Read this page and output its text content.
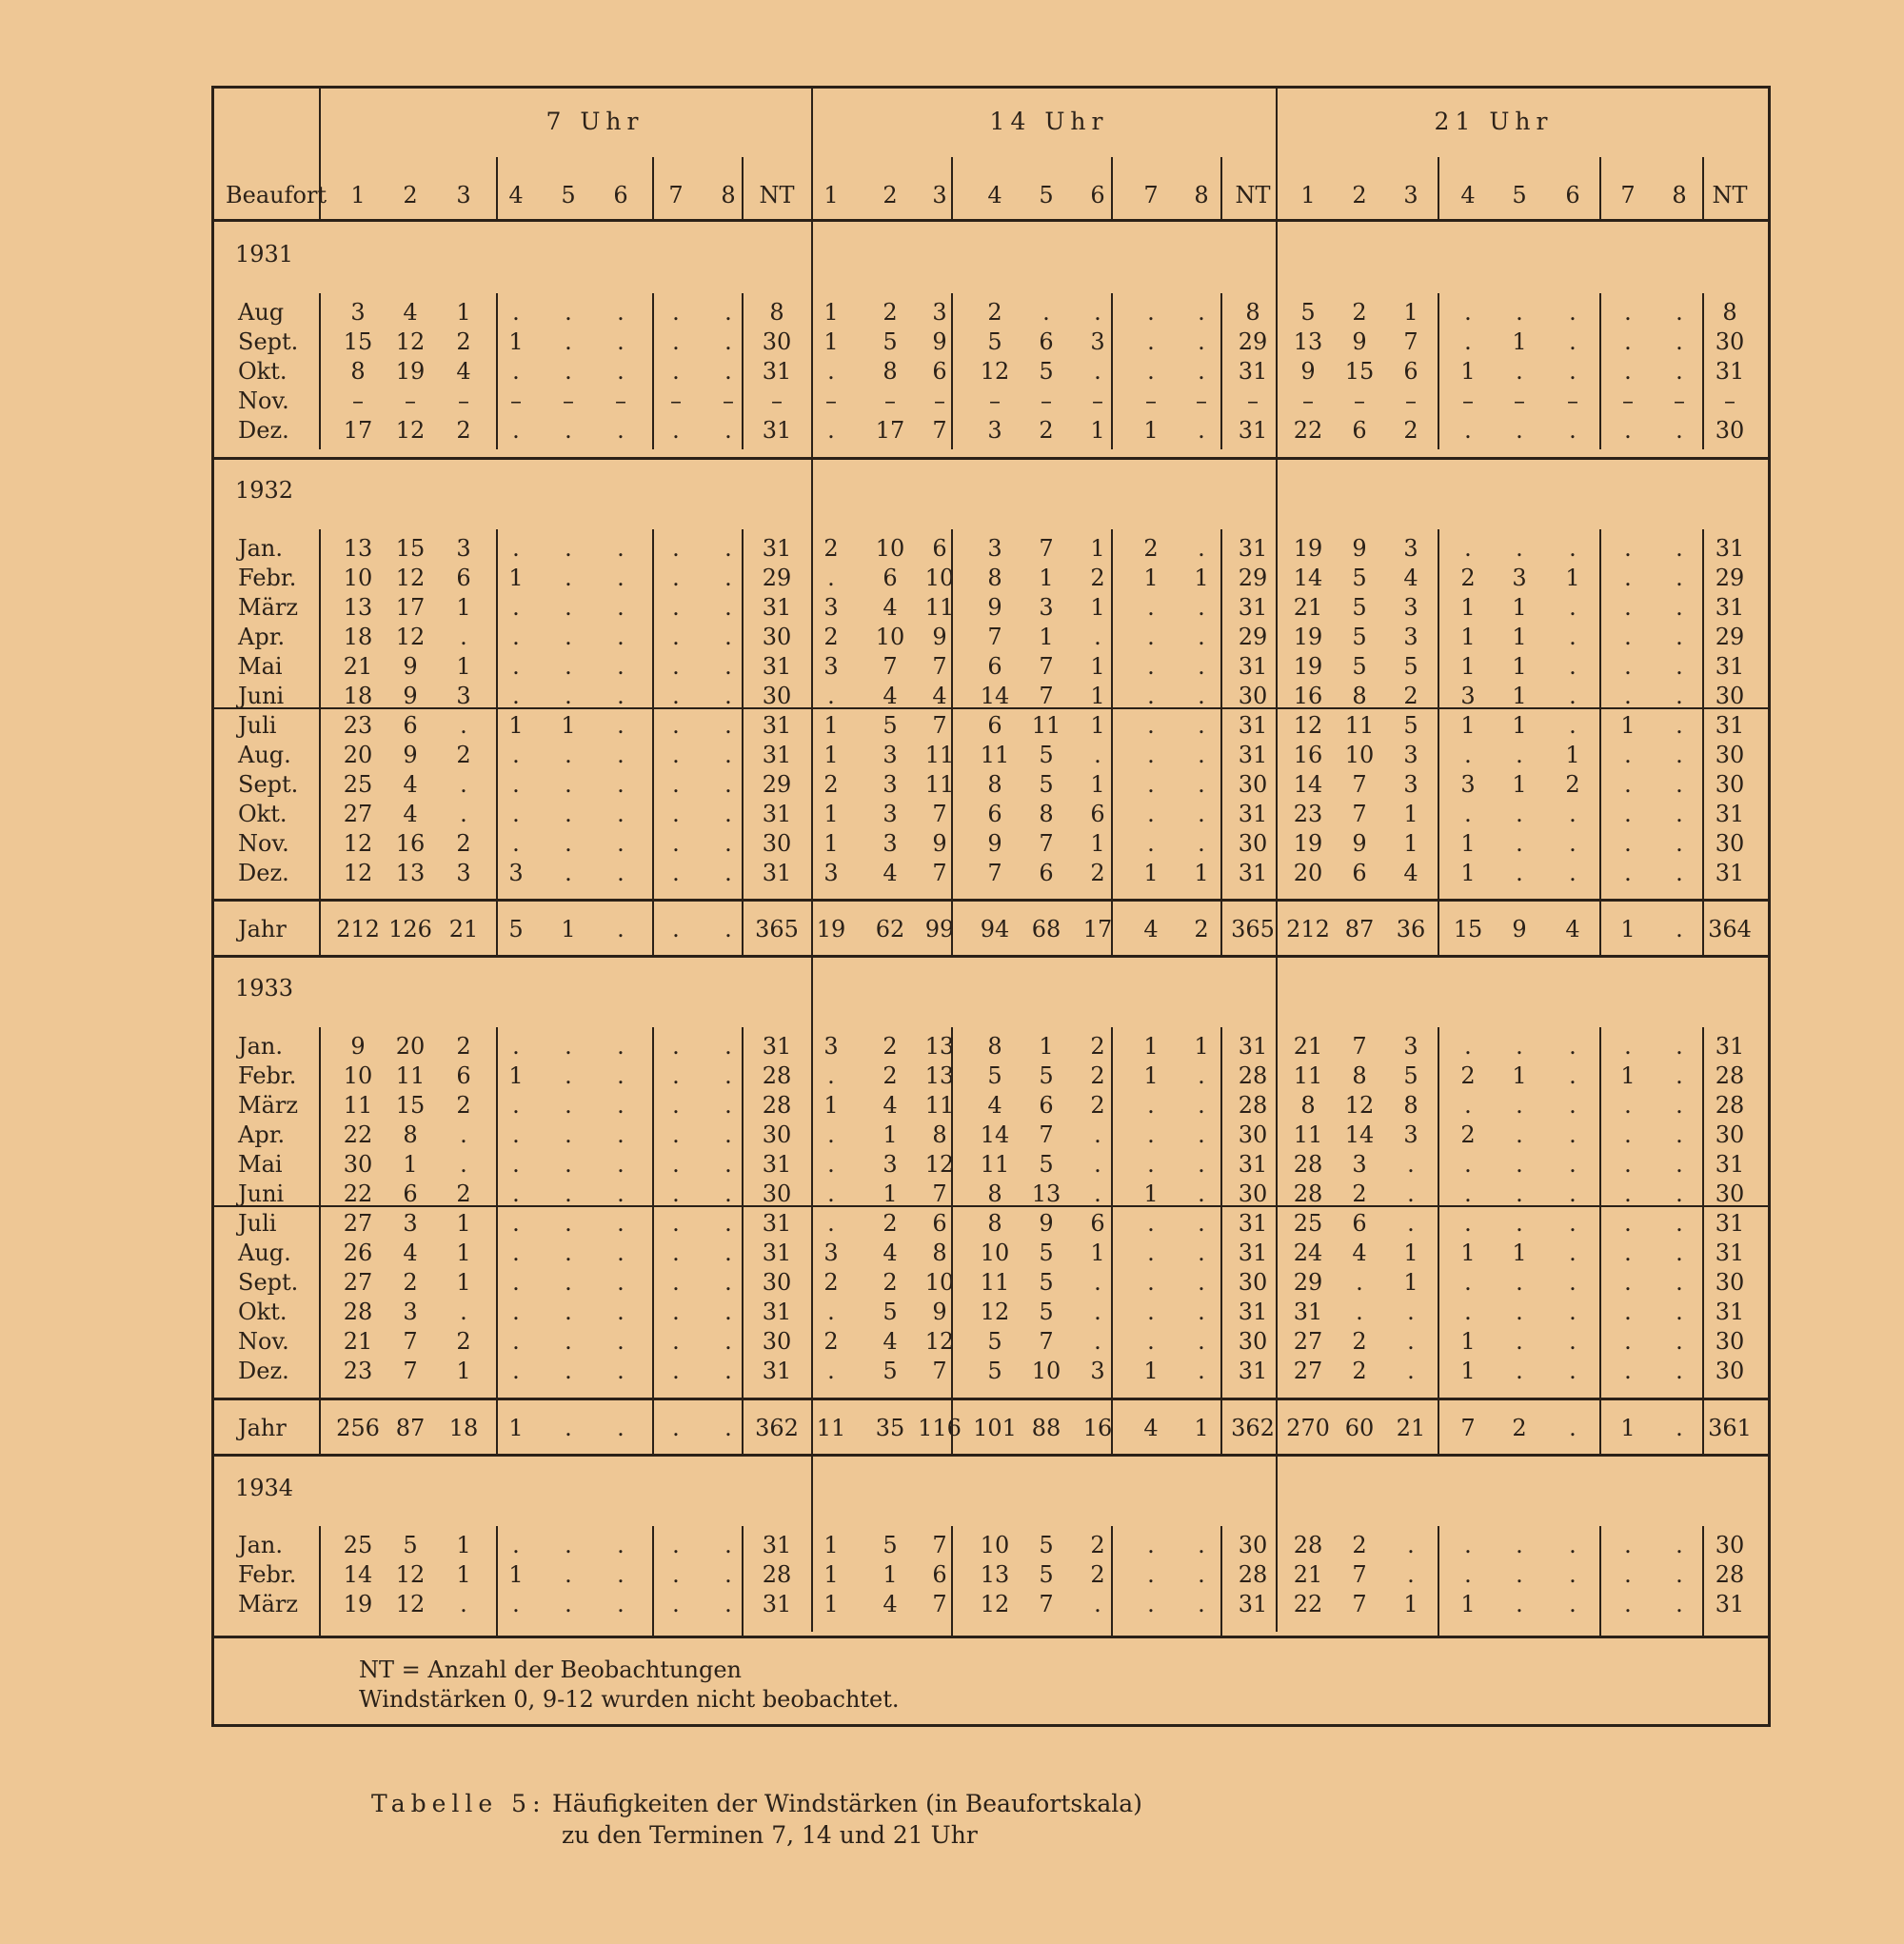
7 Uhr	14 Uhr	21 Uhr
Beaufort 1 2 3 4 5 6 7 8 NT 1 2 3 4 5 6 7 8 NT 1 2 3 4 5 6 7 8 NT
1931
Aug	3 4 1 . . . . . 8 1 2 3 2 . . . . 8 5 2 1 . . . . . 8
Sept. 15 12 2 1 . . . . 30 1 5 9 5 6 3 . . 29 13 9 7 . 1 . . . 30
Okt.	8 19 4 . . . . . 31 . 8 6 12 5 . . . 31 9 15 6 1 . . . . 31
Nov.	– – – – – – – – – – – – – – – – – – – – – – – – – – –
Dez. 17 12 2 . . . . . 31 . 17 7 3 2 1 1 . 31 22 6 2 . . . . . 30
1932
Jan.	13 15 3 . . . . . 31 2 10 6 3 7 1 2 . 31 19 9 3 . . . . . 31
Febr. 10 12 6 1 . . . . 29 . 6 10 8 1 2 1 1 29 14 5 4 2 3 1 . . 29
März 13 17 1 . . . . . 31 3 4 11 9 3 1 . . 31 21 5 3 1 1 . . . 31
Apr.	18 12 . . . . . . 30 2 10 9 7 1 . . . 29 19 5 3 1 1 . . . 29
Mai	21 9 1 . . . . . 31 3 7 7 6 7 1 . . 31 19 5 5 1 1 . . . 31
Juni	18 9 3 . . . . . 30 . 4 4 14 7 1 . . 30 16 8 2 3 1 . . . 30
Juli	23 6 . 1 1 . . . 31 1 5 7 6 11 1 . . 31 12 11 5 1 1 . 1 . 31
Aug. 20 9 2 . . . . . 31 1 3 11 11 5 . . . 31 16 10 3 . . 1 . . 30
Sept. 25 4 . . . . . . 29 2 3 11 8 5 1 . . 30 14 7 3 3 1 2 . . 30
Okt. 27 4 . . . . . . 31 1 3 7 6 8 6 . . 31 23 7 1 . . . . . 31
Nov. 12 16 2 . . . . . 30 1 3 9 9 7 1 . . 30 19 9 1 1 . . . . 30
Dez. 12 13 3 3 . . . . 31 3 4 7 7 6 2 1 1 31 20 6 4 1 . . . . 31
Jahr 212 126 21 5 1 . . . 365 19 62 99 94 68 17 4 2 365 212 87 36 15 9 4 1 . 364
1933
Jan.	9 20 2 . . . . . 31 3 2 13 8 1 2 1 1 31 21 7 3 . . . . . 31
Febr. 10 11 6 1 . . . . 28 . 2 13 5 5 2 1 . 28 11 8 5 2 1 . 1 . 28
März 11 15 2 . . . . . 28 1 4 11 4 6 2 . . 28 8 12 8 . . . . . 28
Apr.	22 8 . . . . . . 30 . 1 8 14 7 . . . 30 11 14 3 2 . . . . 30
Mai	30 1 . . . . . . 31 . 3 12 11 5 . . . 31 28 3 . . . . . . 31
Juni	22 6 2 . . . . . 30 . 1 7 8 13 . 1 . 30 28 2 . . . . . . 30
Juli	27 3 1 . . . . . 31 . 2 6 8 9 6 . . 31 25 6 . . . . . . 31
Aug. 26 4 1 . . . . . 31 3 4 8 10 5 1 . . 31 24 4 1 1 1 . . . 31
Sept. 27 2 1 . . . . . 30 2 2 10 11 5 . . . 30 29 . 1 . . . . . 30
Okt. 28 3 . . . . . . 31 . 5 9 12 5 . . . 31 31 . . . . . . . 31
Nov. 21 7 2 . . . . . 30 2 4 12 5 7 . . . 30 27 2 . 1 . . . . 30
Dez. 23 7 1 . . . . . 31 . 5 7 5 10 3 1 . 31 27 2 . 1 . . . . 30
Jahr 256 87 18 1 . . . . 362 11 35 116 101 88 16 4 1 362 270 60 21 7 2 . 1 . 361
1934
Jan.	25 5 1 . . . . . 31 1 5 7 10 5 2 . . 30 28 2 . . . . . . 30
Febr. 14 12 1 1 . . . . 28 1 1 6 13 5 2 . . 28 21 7 . . . . . . 28
März 19 12 . . . . . . 31 1 4 7 12 7 . . . 31 22 7 1 1 . . . . 31
NT = Anzahl der Beobachtungen
Windstärken 0, 9-12 wurden nicht beobachtet.
Tabelle 5: Häufigkeiten der Windstärken (in Beaufortskala)
zu den Terminen 7, 14 und 21 Uhr
